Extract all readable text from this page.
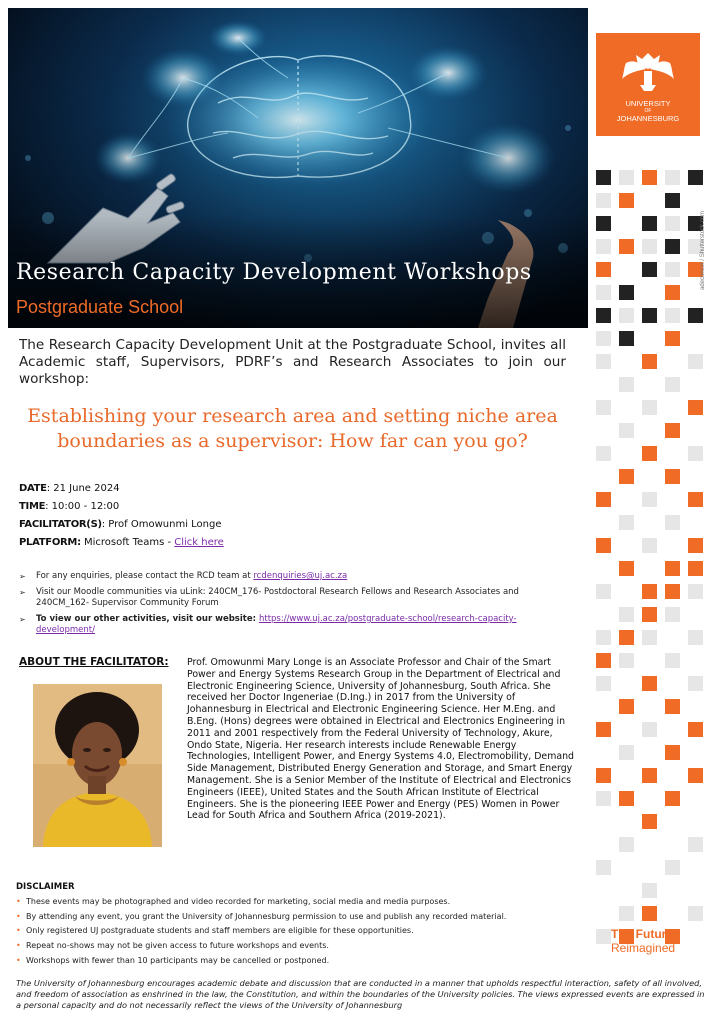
Research Capacity Development Workshops
Postgraduate School
UNIVERSITY
OF
JOHANNESBURG
adeconcet / Shutterstock.com
The Future
Reimagined
The Research Capacity Development Unit at the Postgraduate School, invites all Academic staff, Supervisors, PDRF’s and Research Associates to join our workshop:
Establishing your research area and setting niche area boundaries as a supervisor: How far can you go?
DATE: 21 June 2024
TIME: 10:00 - 12:00
FACILITATOR(S): Prof Omowunmi Longe
PLATFORM: Microsoft Teams - Click here
➢ For any enquiries, please contact the RCD team at rcdenquiries@uj.ac.za
➢ Visit our Moodle communities via uLink: 240CM_176- Postdoctoral Research Fellows and Research Associates and 240CM_162- Supervisor Community Forum
➢ To view our other activities, visit our website: https://www.uj.ac.za/postgraduate-school/research-capacity-development/
ABOUT THE FACILITATOR: Prof. Omowunmi Mary Longe is an Associate Professor and Chair of the Smart Power and Energy Systems Research Group in the Department of Electrical and Electronic Engineering Science, University of Johannesburg, South Africa. She received her Doctor Ingeneriae (D.Ing.) in 2017 from the University of Johannesburg in Electrical and Electronic Engineering Science. Her M.Eng. and B.Eng. (Hons) degrees were obtained in Electrical and Electronics Engineering in 2011 and 2001 respectively from the Federal University of Technology, Akure, Ondo State, Nigeria. Her research interests include Renewable Energy Technologies, Intelligent Power, and Energy Systems 4.0, Electromobility, Demand Side Management, Distributed Energy Generation and Storage, and Smart Energy Management. She is a Senior Member of the Institute of Electrical and Electronics Engineers (IEEE), United States and the South African Institute of Electrical Engineers. She is the pioneering IEEE Power and Energy (PES) Women in Power Lead for South Africa and Southern Africa (2019-2021).
DISCLAIMER
• These events may be photographed and video recorded for marketing, social media and media purposes.
• By attending any event, you grant the University of Johannesburg permission to use and publish any recorded material.
• Only registered UJ postgraduate students and staff members are eligible for these opportunities.
• Repeat no-shows may not be given access to future workshops and events.
• Workshops with fewer than 10 participants may be cancelled or postponed.
The University of Johannesburg encourages academic debate and discussion that are conducted in a manner that upholds respectful interaction, safety of all involved, and freedom of association as enshrined in the law, the Constitution, and within the boundaries of the University policies. The views expressed events are expressed in a personal capacity and do not necessarily reflect the views of the University of Johannesburg
